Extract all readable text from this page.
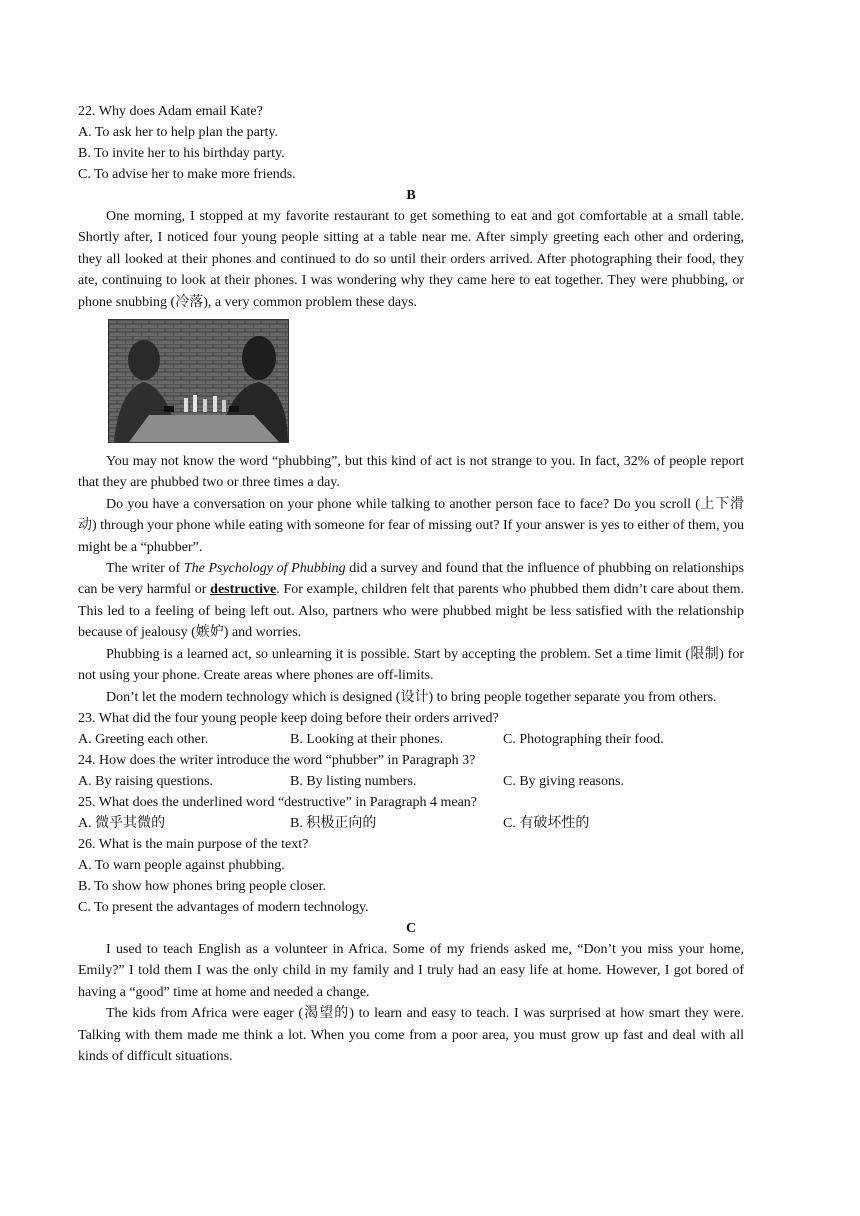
22. Why does Adam email Kate?
A. To ask her to help plan the party.
B. To invite her to his birthday party.
C. To advise her to make more friends.
B

One morning, I stopped at my favorite restaurant to get something to eat and got comfortable at a small table. Shortly after, I noticed four young people sitting at a table near me. After simply greeting each other and ordering, they all looked at their phones and continued to do so until their orders arrived. After photographing their food, they ate, continuing to look at their phones. I was wondering why they came here to eat together. They were phubbing, or phone snubbing (冷落), a very common problem these days.

You may not know the word “phubbing”, but this kind of act is not strange to you. In fact, 32% of people report that they are phubbed two or three times a day.

Do you have a conversation on your phone while talking to another person face to face? Do you scroll (上下滑动) through your phone while eating with someone for fear of missing out? If your answer is yes to either of them, you might be a “phubber”.

The writer of The Psychology of Phubbing did a survey and found that the influence of phubbing on relationships can be very harmful or destructive. For example, children felt that parents who phubbed them didn’t care about them. This led to a feeling of being left out. Also, partners who were phubbed might be less satisfied with the relationship because of jealousy (嫉妒) and worries.

Phubbing is a learned act, so unlearning it is possible. Start by accepting the problem. Set a time limit (限制) for not using your phone. Create areas where phones are off-limits.

Don’t let the modern technology which is designed (设计) to bring people together separate you from others.

23. What did the four young people keep doing before their orders arrived?
A. Greeting each other.	B. Looking at their phones.	C. Photographing their food.
24. How does the writer introduce the word “phubber” in Paragraph 3?
A. By raising questions.	B. By listing numbers.	C. By giving reasons.
25. What does the underlined word “destructive” in Paragraph 4 mean?
A. 微乎其微的	B. 积极正向的	C. 有破坏性的
26. What is the main purpose of the text?
A. To warn people against phubbing.
B. To show how phones bring people closer.
C. To present the advantages of modern technology.
C

I used to teach English as a volunteer in Africa. Some of my friends asked me, “Don’t you miss your home, Emily?” I told them I was the only child in my family and I truly had an easy life at home. However, I got bored of having a “good” time at home and needed a change.

The kids from Africa were eager (渴望的) to learn and easy to teach. I was surprised at how smart they were. Talking with them made me think a lot. When you come from a poor area, you must grow up fast and deal with all kinds of difficult situations.
